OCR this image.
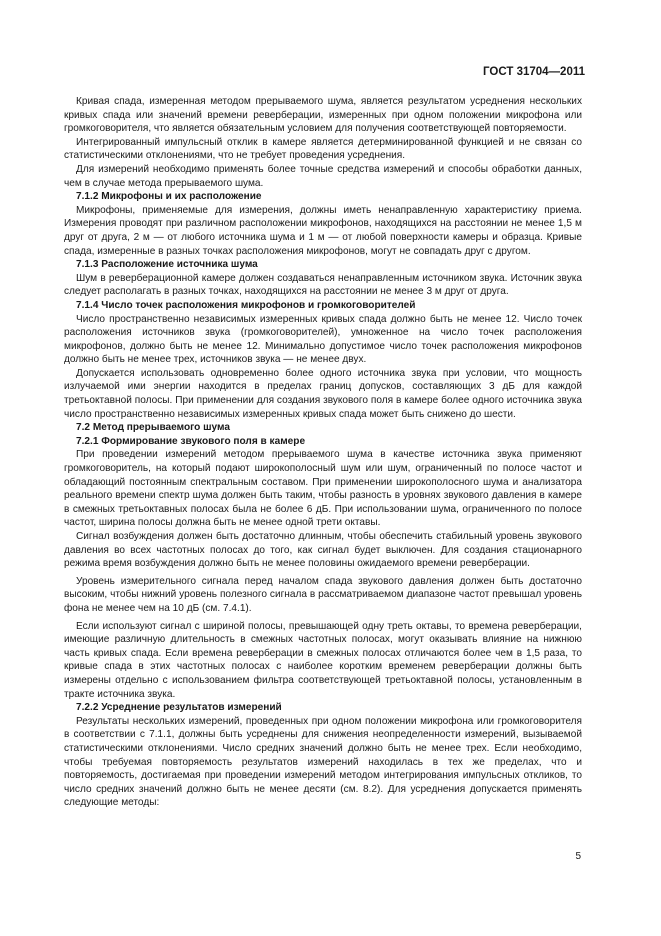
ГОСТ 31704—2011

Кривая спада, измеренная методом прерываемого шума, является результатом усреднения нескольких кривых спада или значений времени реверберации, измеренных при одном положении микрофона или громкоговорителя, что является обязательным условием для получения соответствующей повторяемости.

Интегрированный импульсный отклик в камере является детерминированной функцией и не связан со статистическими отклонениями, что не требует проведения усреднения.

Для измерений необходимо применять более точные средства измерений и способы обработки данных, чем в случае метода прерываемого шума.

7.1.2 Микрофоны и их расположение

Микрофоны, применяемые для измерения, должны иметь ненаправленную характеристику приема. Измерения проводят при различном расположении микрофонов, находящихся на расстоянии не менее 1,5 м друг от друга, 2 м — от любого источника шума и 1 м — от любой поверхности камеры и образца. Кривые спада, измеренные в разных точках расположения микрофонов, могут не совпадать друг с другом.

7.1.3 Расположение источника шума

Шум в реверберационной камере должен создаваться ненаправленным источником звука. Источник звука следует располагать в разных точках, находящихся на расстоянии не менее 3 м друг от друга.

7.1.4 Число точек расположения микрофонов и громкоговорителей

Число пространственно независимых измеренных кривых спада должно быть не менее 12. Число точек расположения источников звука (громкоговорителей), умноженное на число точек расположения микрофонов, должно быть не менее 12. Минимально допустимое число точек расположения микрофонов должно быть не менее трех, источников звука — не менее двух.

Допускается использовать одновременно более одного источника звука при условии, что мощность излучаемой ими энергии находится в пределах границ допусков, составляющих 3 дБ для каждой третьоктавной полосы. При применении для создания звукового поля в камере более одного источника звука число пространственно независимых измеренных кривых спада может быть снижено до шести.

7.2 Метод прерываемого шума

7.2.1 Формирование звукового поля в камере

При проведении измерений методом прерываемого шума в качестве источника звука применяют громкоговоритель, на который подают широкополосный шум или шум, ограниченный по полосе частот и обладающий постоянным спектральным составом. При применении широкополосного шума и анализатора реального времени спектр шума должен быть таким, чтобы разность в уровнях звукового давления в камере в смежных третьоктавных полосах была не более 6 дБ. При использовании шума, ограниченного по полосе частот, ширина полосы должна быть не менее одной трети октавы.

Сигнал возбуждения должен быть достаточно длинным, чтобы обеспечить стабильный уровень звукового давления во всех частотных полосах до того, как сигнал будет выключен. Для создания стационарного режима время возбуждения должно быть не менее половины ожидаемого времени реверберации.

Уровень измерительного сигнала перед началом спада звукового давления должен быть достаточно высоким, чтобы нижний уровень полезного сигнала в рассматриваемом диапазоне частот превышал уровень фона не менее чем на 10 дБ (см. 7.4.1).

Если используют сигнал с шириной полосы, превышающей одну треть октавы, то времена реверберации, имеющие различную длительность в смежных частотных полосах, могут оказывать влияние на нижнюю часть кривых спада. Если времена реверберации в смежных полосах отличаются более чем в 1,5 раза, то кривые спада в этих частотных полосах с наиболее коротким временем реверберации должны быть измерены отдельно с использованием фильтра соответствующей третьоктавной полосы, установленным в тракте источника звука.

7.2.2 Усреднение результатов измерений

Результаты нескольких измерений, проведенных при одном положении микрофона или громкоговорителя в соответствии с 7.1.1, должны быть усреднены для снижения неопределенности измерений, вызываемой статистическими отклонениями. Число средних значений должно быть не менее трех. Если необходимо, чтобы требуемая повторяемость результатов измерений находилась в тех же пределах, что и повторяемость, достигаемая при проведении измерений методом интегрирования импульсных откликов, то число средних значений должно быть не менее десяти (см. 8.2). Для усреднения допускается применять следующие методы:

5
